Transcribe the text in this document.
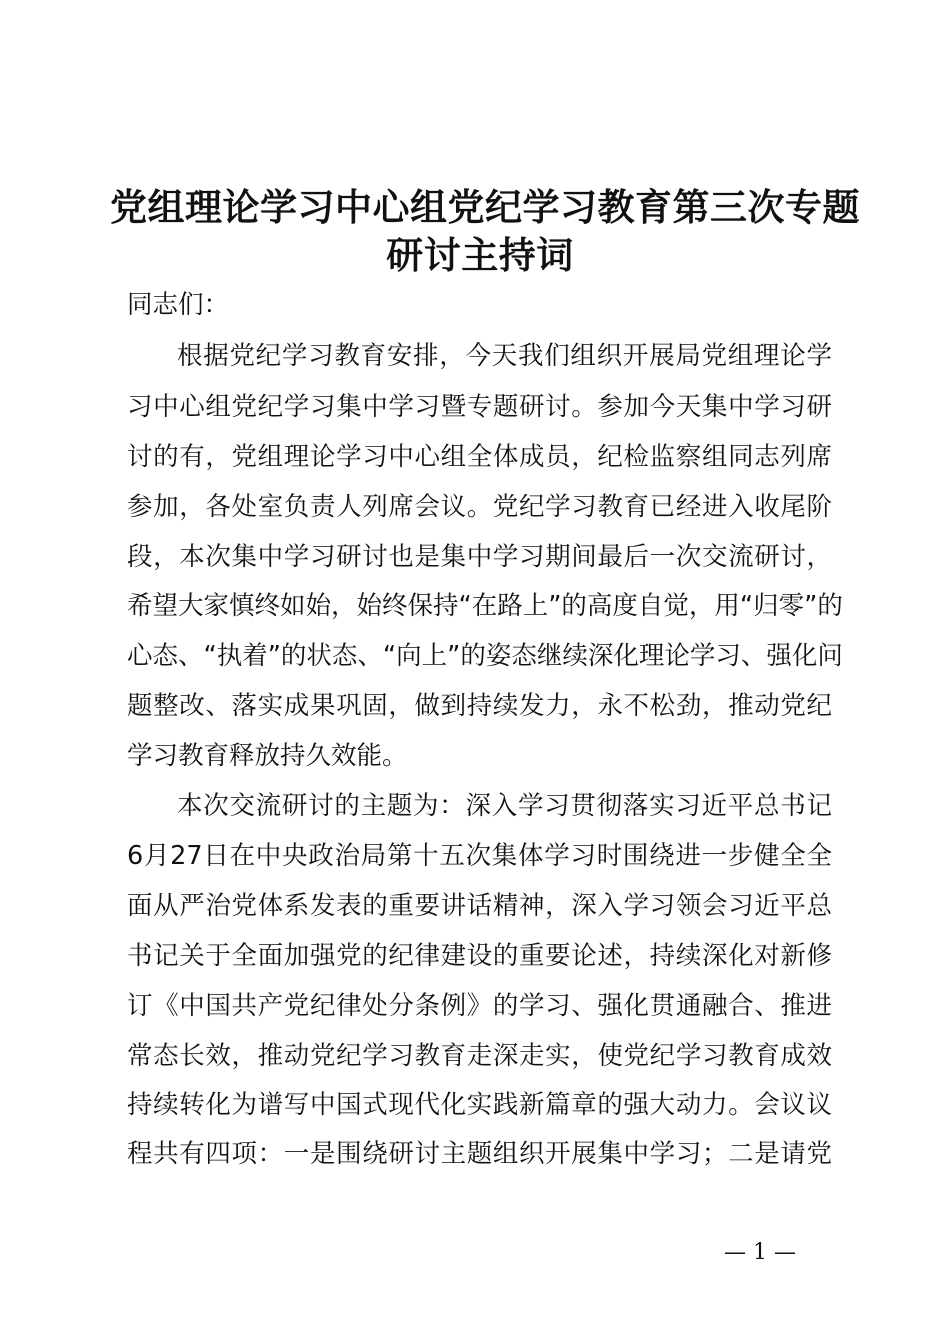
党组理论学习中心组党纪学习教育第三次专题
研讨主持词
同志们：
根据党纪学习教育安排，今天我们组织开展局党组理论学
习中心组党纪学习集中学习暨专题研讨。参加今天集中学习研
讨的有，党组理论学习中心组全体成员，纪检监察组同志列席
参加，各处室负责人列席会议。党纪学习教育已经进入收尾阶
段，本次集中学习研讨也是集中学习期间最后一次交流研讨，
希望大家慎终如始，始终保持“在路上”的高度自觉，用“归零”的
心态、“执着”的状态、“向上”的姿态继续深化理论学习、强化问
题整改、落实成果巩固，做到持续发力，永不松劲，推动党纪
学习教育释放持久效能。
本次交流研讨的主题为：深入学习贯彻落实习近平总书记
6月27日在中央政治局第十五次集体学习时围绕进一步健全全
面从严治党体系发表的重要讲话精神，深入学习领会习近平总
书记关于全面加强党的纪律建设的重要论述，持续深化对新修
订《中国共产党纪律处分条例》的学习、强化贯通融合、推进
常态长效，推动党纪学习教育走深走实，使党纪学习教育成效
持续转化为谱写中国式现代化实践新篇章的强大动力。会议议
程共有四项：一是围绕研讨主题组织开展集中学习；二是请党
— 1 —
